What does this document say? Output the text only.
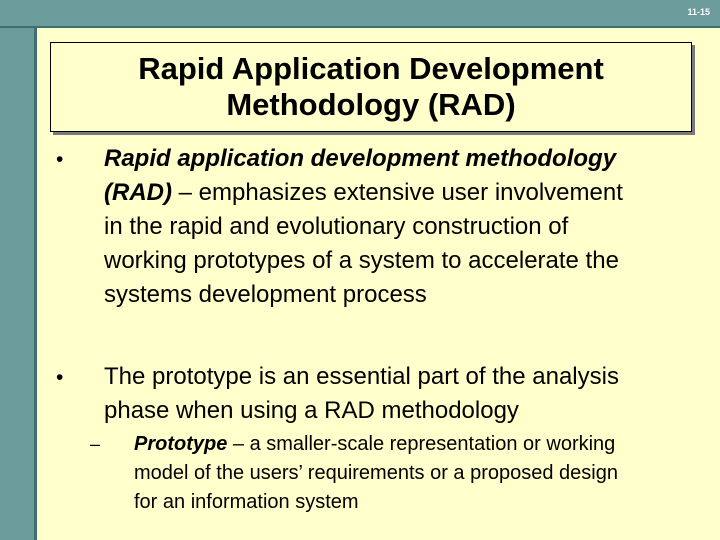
11-15
Rapid Application Development
Methodology (RAD)
• Rapid application development methodology
(RAD) – emphasizes extensive user involvement
in the rapid and evolutionary construction of
working prototypes of a system to accelerate the
systems development process
• The prototype is an essential part of the analysis
phase when using a RAD methodology
– Prototype – a smaller-scale representation or working
model of the users’ requirements or a proposed design
for an information system
